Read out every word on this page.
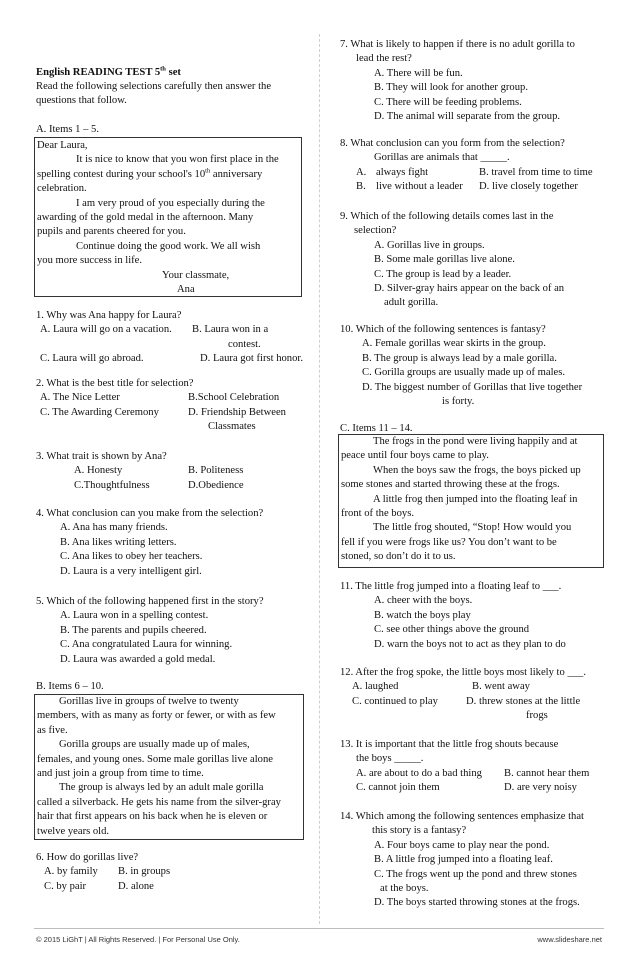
English READING TEST 5th set
Read the following selections carefully then answer the
questions that follow.
A. Items 1 – 5.
Dear Laura,
It is nice to know that you won first place in the
spelling contest during your school's 10th anniversary
celebration.
I am very proud of you especially during the
awarding of the gold medal in the afternoon. Many
pupils and parents cheered for you.
Continue doing the good work. We all wish
you more success in life.
Your classmate,
Ana
1. Why was Ana happy for Laura?
A. Laura will go on a vacation.	B. Laura won in a
contest.
C. Laura will go abroad.	D. Laura got first honor.
2. What is the best title for selection?
A. The Nice Letter	B.School Celebration
C. The Awarding Ceremony	D. Friendship Between
Classmates
3. What trait is shown by Ana?
A. Honesty	B. Politeness
C.Thoughtfulness	D.Obedience
4. What conclusion can you make from the selection?
A. Ana has many friends.
B. Ana likes writing letters.
C. Ana likes to obey her teachers.
D. Laura is a very intelligent girl.
5. Which of the following happened first in the story?
A. Laura won in a spelling contest.
B. The parents and pupils cheered.
C. Ana congratulated Laura for winning.
D. Laura was awarded a gold medal.
B. Items 6 – 10.
Gorillas live in groups of twelve to twenty
members, with as many as forty or fewer, or with as few
as five.
Gorilla groups are usually made up of males,
females, and young ones. Some male gorillas live alone
and just join a group from time to time.
The group is always led by an adult male gorilla
called a silverback. He gets his name from the silver-gray
hair that first appears on his back when he is eleven or
twelve years old.
6. How do gorillas live?
A. by family	B. in groups
C. by pair	D. alone
7. What is likely to happen if there is no adult gorilla to
lead the rest?
A. There will be fun.
B. They will look for another group.
C. There will be feeding problems.
D. The animal will separate from the group.
8. What conclusion can you form from the selection?
Gorillas are animals that _____.
A. always fight	B. travel from time to time
B. live without a leader	D. live closely together
9. Which of the following details comes last in the
selection?
A. Gorillas live in groups.
B. Some male gorillas live alone.
C. The group is lead by a leader.
D. Silver-gray hairs appear on the back of an
adult gorilla.
10. Which of the following sentences is fantasy?
A. Female gorillas wear skirts in the group.
B. The group is always lead by a male gorilla.
C. Gorilla groups are usually made up of males.
D. The biggest number of Gorillas that live together
is forty.
C. Items 11 – 14.
The frogs in the pond were living happily and at
peace until four boys came to play.
When the boys saw the frogs, the boys picked up
some stones and started throwing these at the frogs.
A little frog then jumped into the floating leaf in
front of the boys.
The little frog shouted, “Stop! How would you
fell if you were frogs like us? You don’t want to be
stoned, so don’t do it to us.
11. The little frog jumped into a floating leaf to ___.
A. cheer with the boys.
B. watch the boys play
C. see other things above the ground
D. warn the boys not to act as they plan to do
12. After the frog spoke, the little boys most likely to ___.
A. laughed	B. went away
C. continued to play	D. threw stones at the little
frogs
13. It is important that the little frog shouts because
the boys _____.
A. are about to do a bad thing	B. cannot hear them
C. cannot join them	D. are very noisy
14. Which among the following sentences emphasize that
this story is a fantasy?
A. Four boys came to play near the pond.
B. A little frog jumped into a floating leaf.
C. The frogs went up the pond and threw stones
at the boys.
D. The boys started throwing stones at the frogs.
© 2015 LiGhT | All Rights Reserved. | For Personal Use Only.	www.slideshare.net
